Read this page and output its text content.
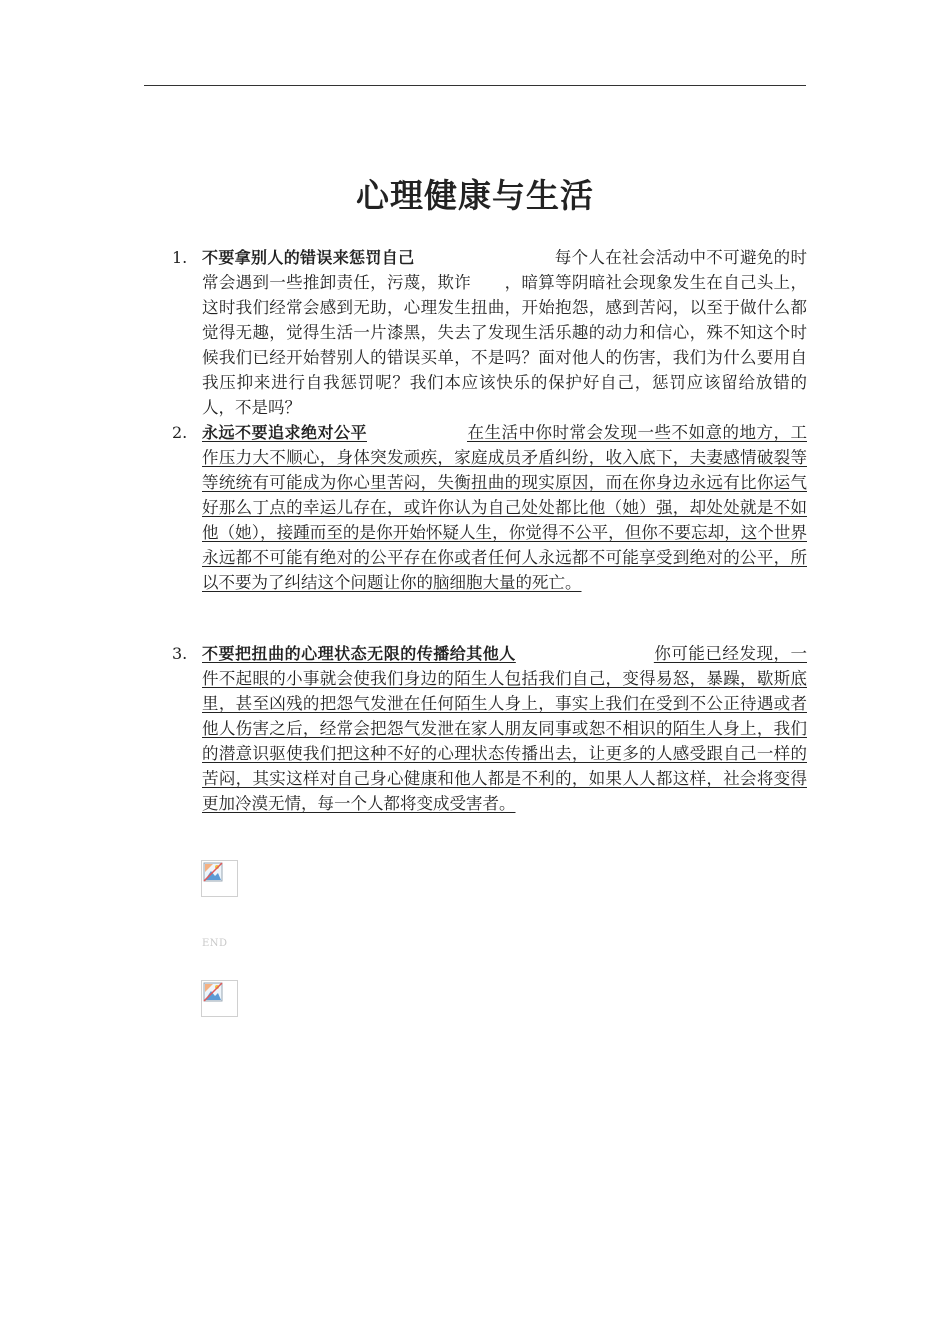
心理健康与生活
1. 不要拿别人的错误来惩罚自己	每个人在社会活动中不可避免的时常会遇到一些推卸责任，污蔑，欺诈　　，暗算等阴暗社会现象发生在自己头上，这时我们经常会感到无助，心理发生扭曲，开始抱怨，感到苦闷，以至于做什么都觉得无趣，觉得生活一片漆黑，失去了发现生活乐趣的动力和信心，殊不知这个时候我们已经开始替别人的错误买单，不是吗？面对他人的伤害，我们为什么要用自我压抑来进行自我惩罚呢？我们本应该快乐的保护好自己，惩罚应该留给放错的人，不是吗？
2. 永远不要追求绝对公平	在生活中你时常会发现一些不如意的地方，工作压力大不顺心，身体突发顽疾，家庭成员矛盾纠纷，收入底下，夫妻感情破裂等等统统有可能成为你心里苦闷，失衡扭曲的现实原因，而在你身边永远有比你运气好那么丁点的幸运儿存在，或许你认为自己处处都比他（她）强，却处处就是不如他（她），接踵而至的是你开始怀疑人生，你觉得不公平，但你不要忘却，这个世界永远都不可能有绝对的公平存在你或者任何人永远都不可能享受到绝对的公平，所以不要为了纠结这个问题让你的脑细胞大量的死亡。
3. 不要把扭曲的心理状态无限的传播给其他人	你可能已经发现，一件不起眼的小事就会使我们身边的陌生人包括我们自己，变得易怒，暴躁，歇斯底里，甚至凶残的把怨气发泄在任何陌生人身上，事实上我们在受到不公正待遇或者他人伤害之后，经常会把怨气发泄在家人朋友同事或恕不相识的陌生人身上，我们的潜意识驱使我们把这种不好的心理状态传播出去，让更多的人感受跟自己一样的苦闷，其实这样对自己身心健康和他人都是不利的，如果人人都这样，社会将变得更加冷漠无情，每一个人都将变成受害者。
END
